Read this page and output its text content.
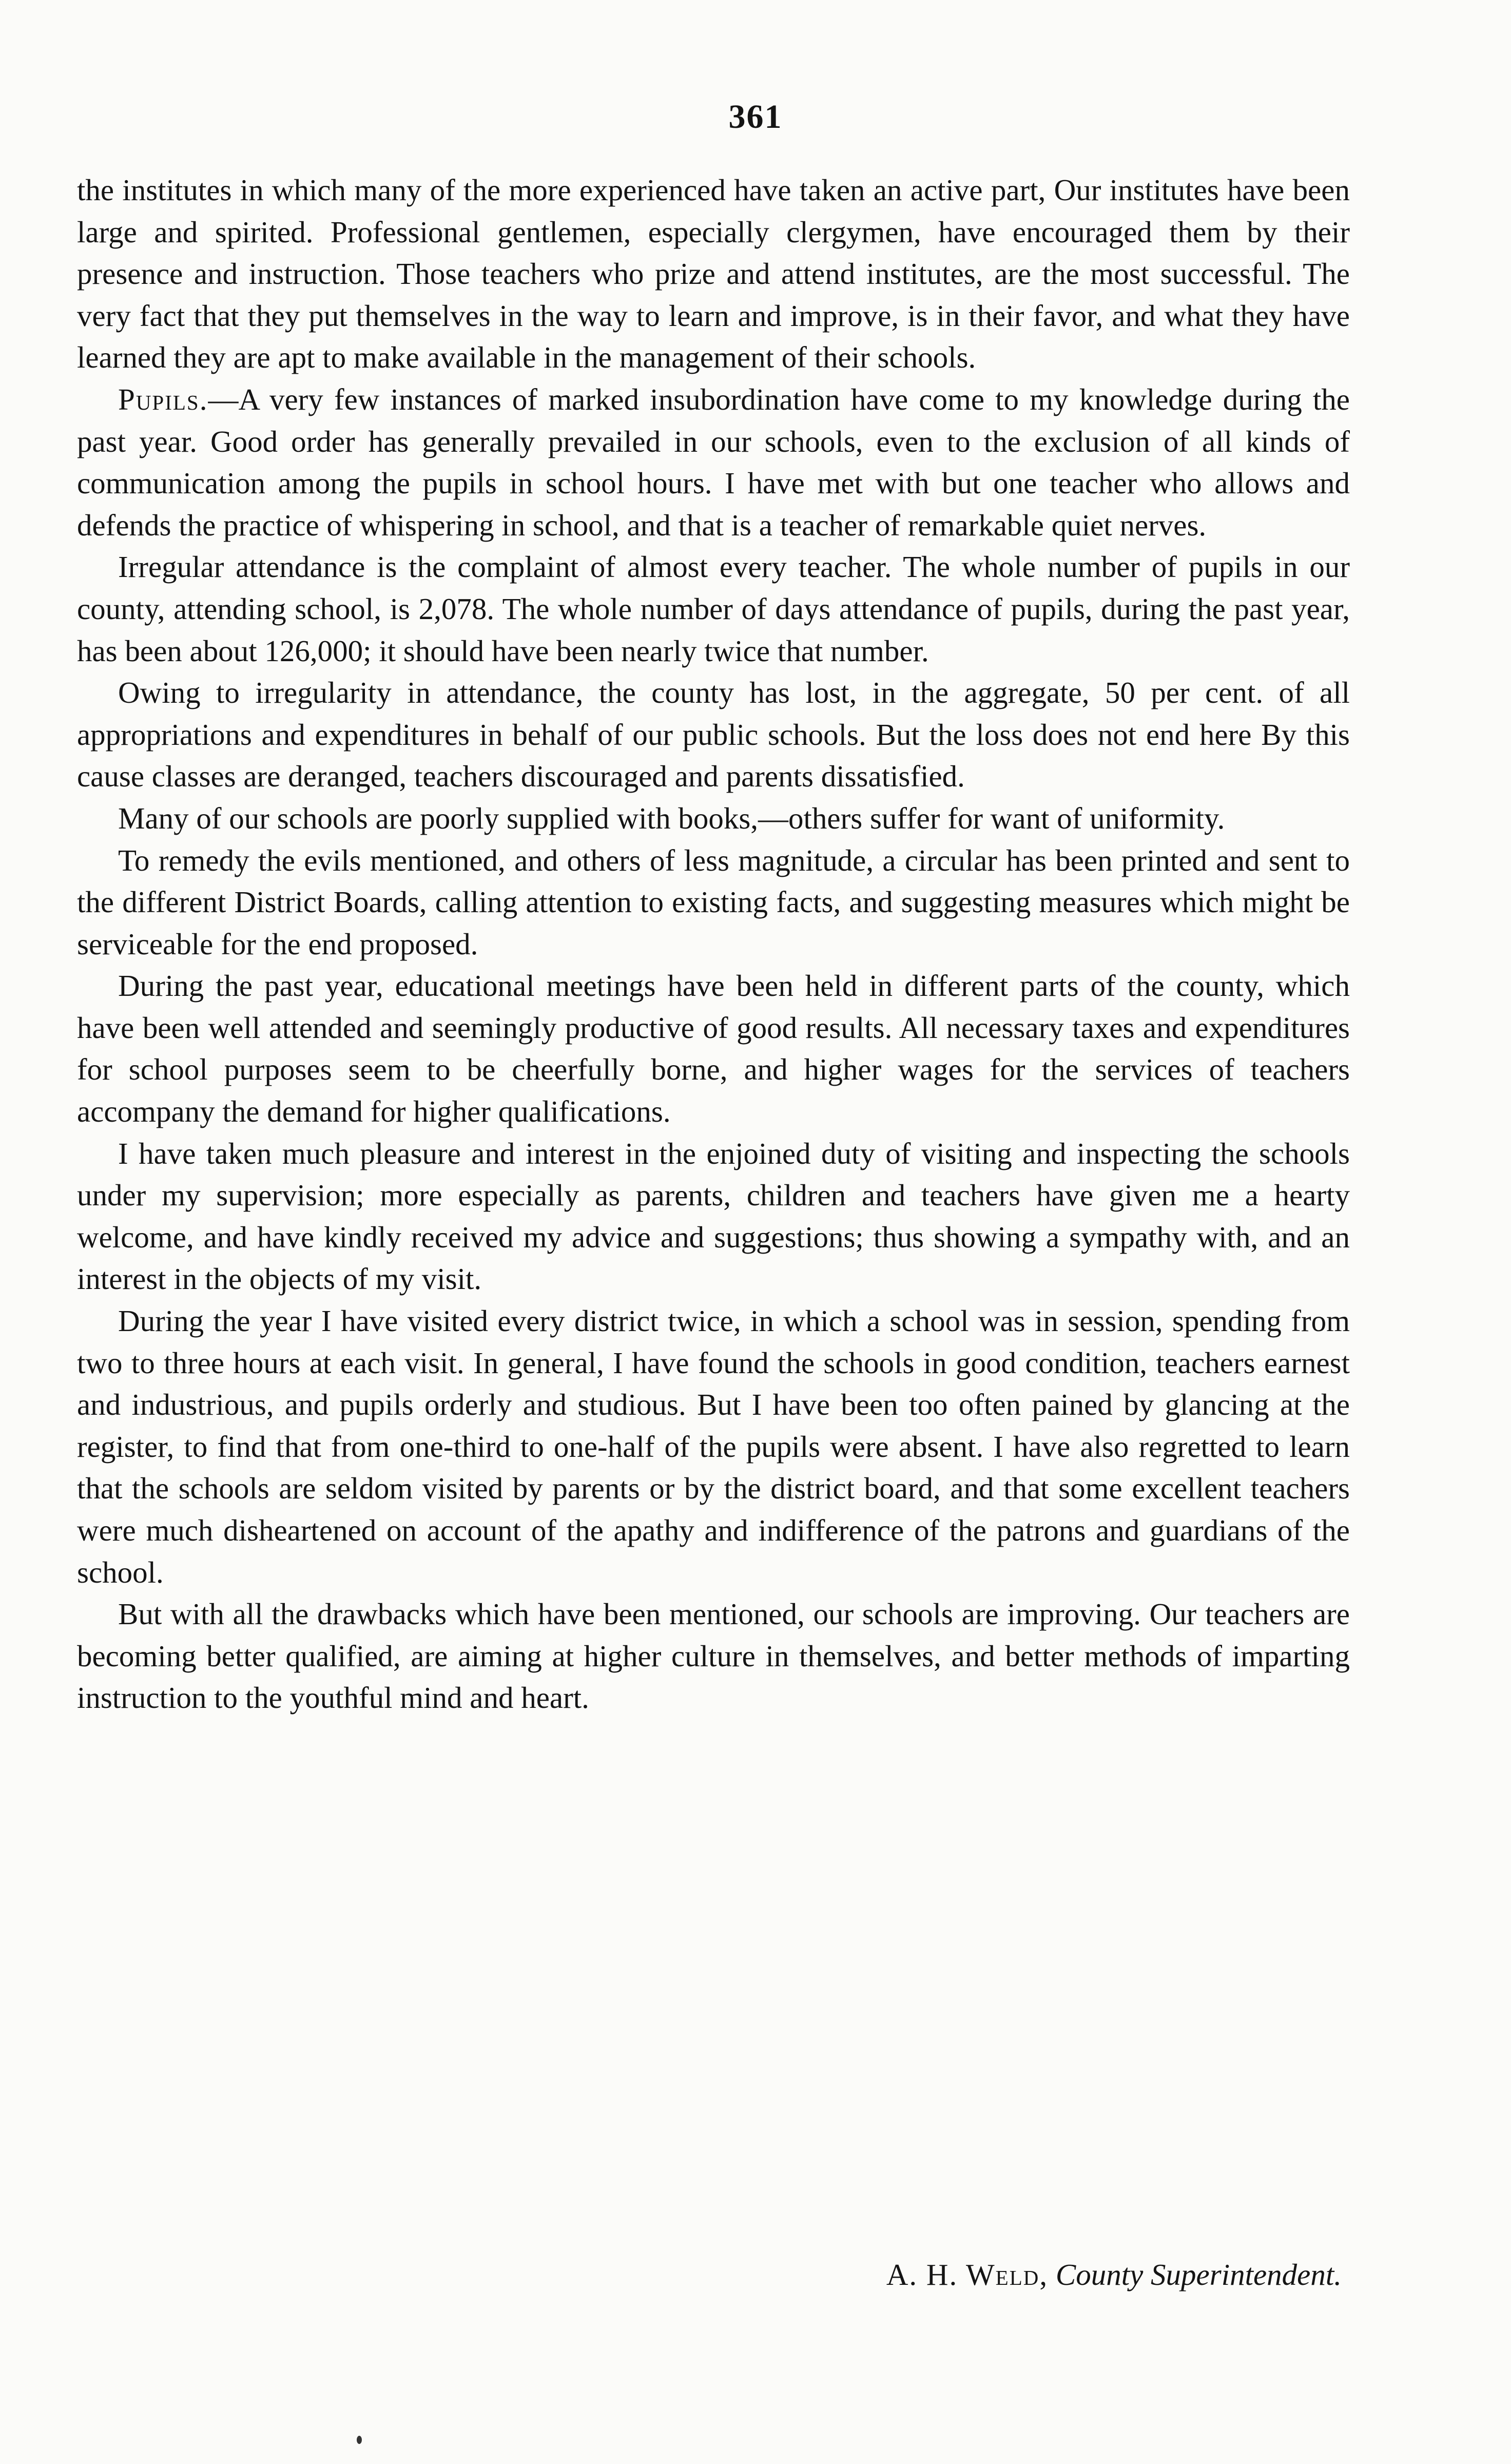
361

the institutes in which many of the more experienced have taken an active part, Our institutes have been large and spirited. Professional gentlemen, especially clergymen, have encouraged them by their presence and instruction. Those teachers who prize and attend institutes, are the most successful. The very fact that they put themselves in the way to learn and improve, is in their favor, and what they have learned they are apt to make available in the management of their schools.

Pupils.—A very few instances of marked insubordination have come to my knowledge during the past year. Good order has generally prevailed in our schools, even to the exclusion of all kinds of communication among the pupils in school hours. I have met with but one teacher who allows and defends the practice of whispering in school, and that is a teacher of remarkable quiet nerves.

Irregular attendance is the complaint of almost every teacher. The whole number of pupils in our county, attending school, is 2,078. The whole number of days attendance of pupils, during the past year, has been about 126,000; it should have been nearly twice that number.

Owing to irregularity in attendance, the county has lost, in the aggregate, 50 per cent. of all appropriations and expenditures in behalf of our public schools. But the loss does not end here By this cause classes are deranged, teachers discouraged and parents dissatisfied.

Many of our schools are poorly supplied with books,—others suffer for want of uniformity.

To remedy the evils mentioned, and others of less magnitude, a circular has been printed and sent to the different District Boards, calling attention to existing facts, and suggesting measures which might be serviceable for the end proposed.

During the past year, educational meetings have been held in different parts of the county, which have been well attended and seemingly productive of good results. All necessary taxes and expenditures for school purposes seem to be cheerfully borne, and higher wages for the services of teachers accompany the demand for higher qualifications.

I have taken much pleasure and interest in the enjoined duty of visiting and inspecting the schools under my supervision; more especially as parents, children and teachers have given me a hearty welcome, and have kindly received my advice and suggestions; thus showing a sympathy with, and an interest in the objects of my visit.

During the year I have visited every district twice, in which a school was in session, spending from two to three hours at each visit. In general, I have found the schools in good condition, teachers earnest and industrious, and pupils orderly and studious. But I have been too often pained by glancing at the register, to find that from one-third to one-half of the pupils were absent. I have also regretted to learn that the schools are seldom visited by parents or by the district board, and that some excellent teachers were much disheartened on account of the apathy and indifference of the patrons and guardians of the school.

But with all the drawbacks which have been mentioned, our schools are improving. Our teachers are becoming better qualified, are aiming at higher culture in themselves, and better methods of imparting instruction to the youthful mind and heart.

A. H. Weld, County Superintendent.
